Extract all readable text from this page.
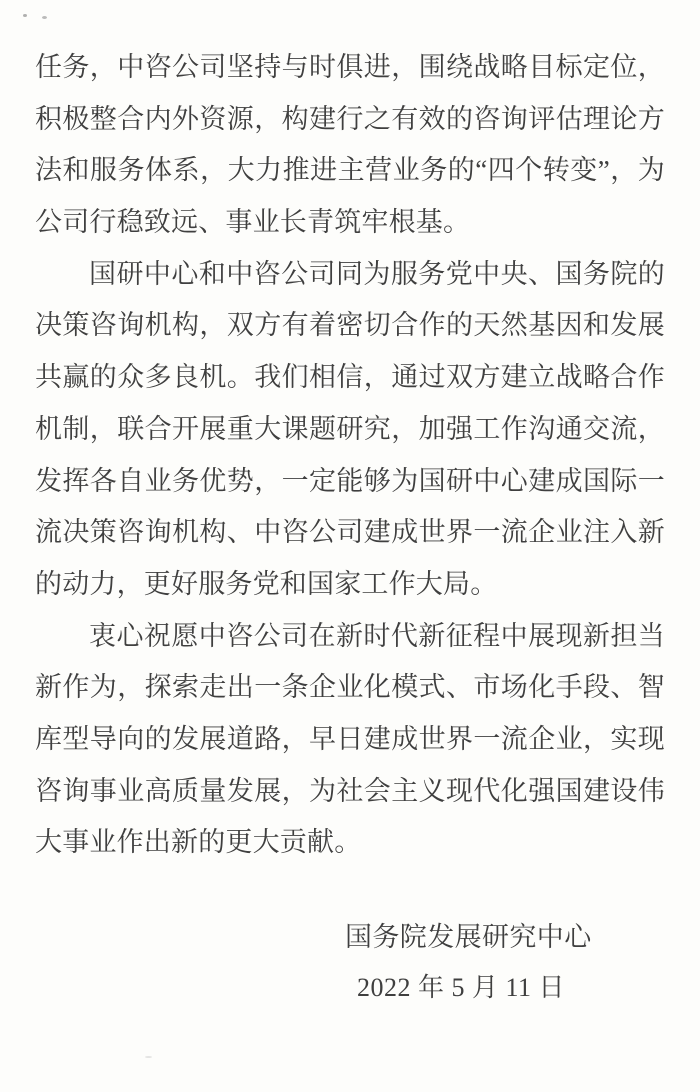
任务，中咨公司坚持与时俱进，围绕战略目标定位，
积极整合内外资源，构建行之有效的咨询评估理论方
法和服务体系，大力推进主营业务的“四个转变”，为
公司行稳致远、事业长青筑牢根基。
国研中心和中咨公司同为服务党中央、国务院的
决策咨询机构，双方有着密切合作的天然基因和发展
共赢的众多良机。我们相信，通过双方建立战略合作
机制，联合开展重大课题研究，加强工作沟通交流，
发挥各自业务优势，一定能够为国研中心建成国际一
流决策咨询机构、中咨公司建成世界一流企业注入新
的动力，更好服务党和国家工作大局。
衷心祝愿中咨公司在新时代新征程中展现新担当
新作为，探索走出一条企业化模式、市场化手段、智
库型导向的发展道路，早日建成世界一流企业，实现
咨询事业高质量发展，为社会主义现代化强国建设伟
大事业作出新的更大贡献。
国务院发展研究中心
2022 年 5 月 11 日
